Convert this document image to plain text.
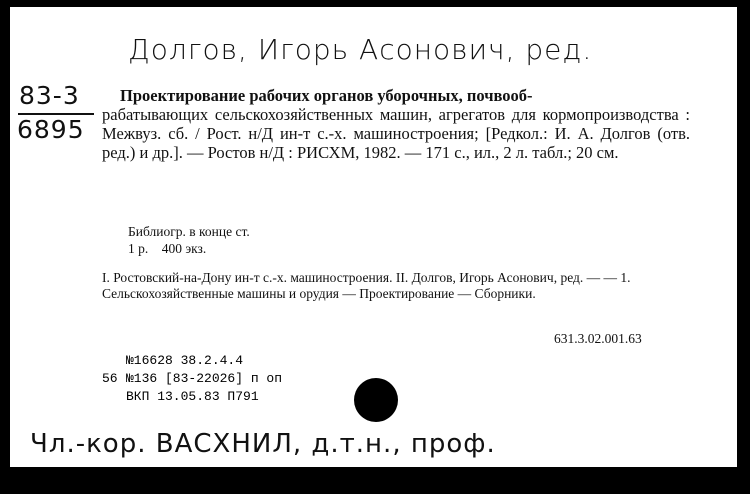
Долгов, Игорь Асонович, ред.
83-3
6895

Проектирование рабочих органов уборочных, почвооб-

рабатывающих сельскохозяйственных машин, агрегатов для кормопроизводства : Межвуз. сб. / Рост. н/Д ин-т с.-х. машиностроения; [Редкол.: И. А. Долгов (отв. ред.) и др.]. — Ростов н/Д : РИСХМ, 1982. — 171 с., ил., 2 л. табл.; 20 см.

Библиогр. в конце ст.
1 р.    400 экз.

I. Ростовский-на-Дону ин-т с.-х. машиностроения. II. Долгов, Игорь Асонович, ред. — — 1. Сельскохозяйственные машины и орудия — Проектирование — Сборники.

631.3.02.001.63
№16628 38.2.4.4
56 №136 [83-22026] п оп
ВКП 13.05.83 П791
Чл.-кор. ВАСХНИЛ, д.т.н., проф.
